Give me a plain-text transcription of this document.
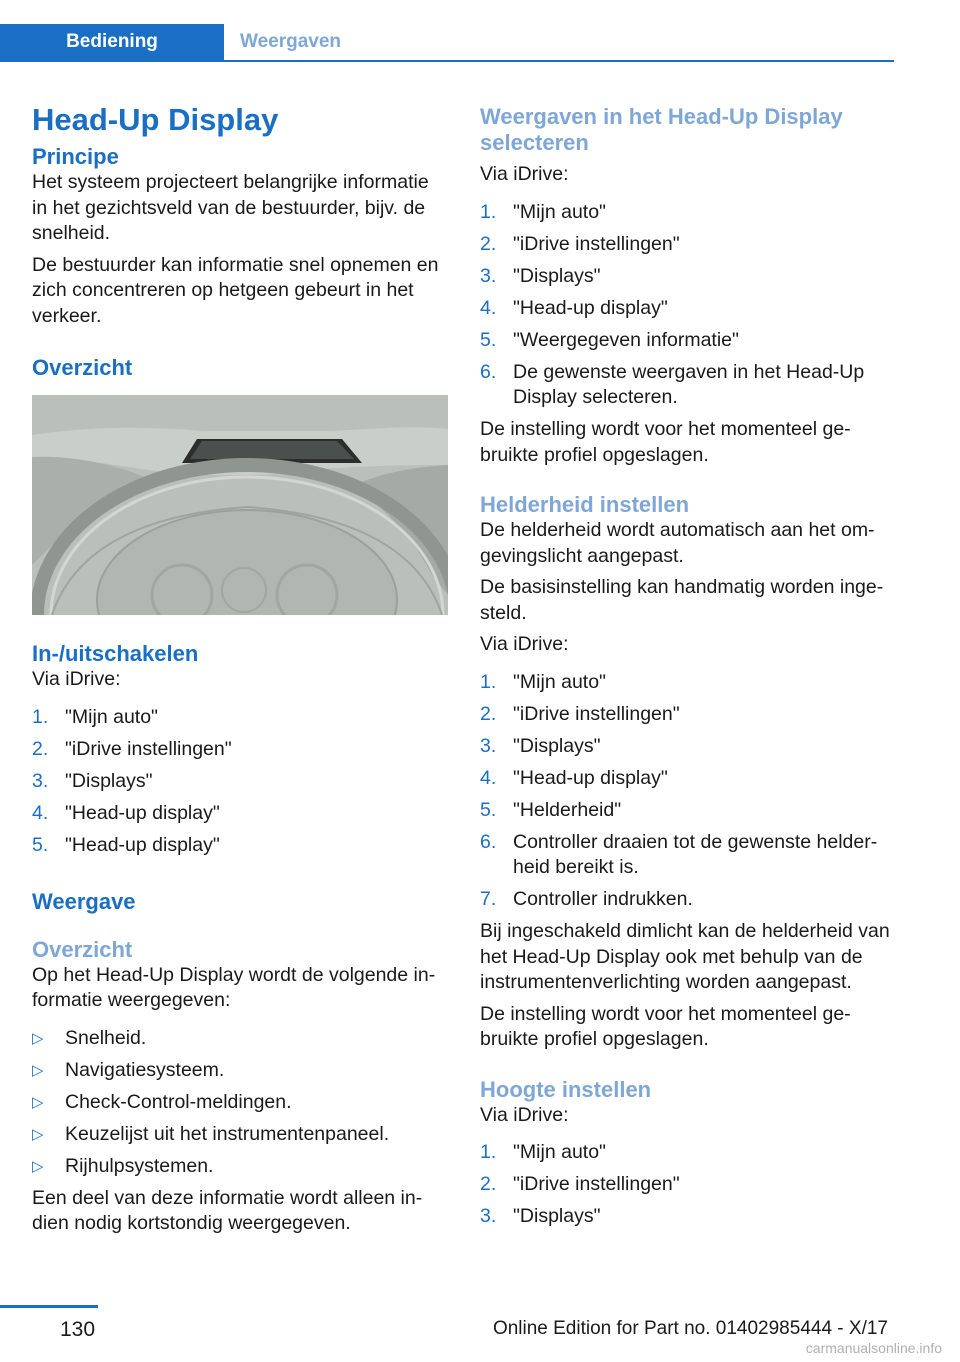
Bediening	Weergaven
Head-Up Display
Principe

Het systeem projecteert belangrijke informatie in het gezichtsveld van de bestuurder, bijv. de snelheid.

De bestuurder kan informatie snel opnemen en zich concentreren op hetgeen gebeurt in het verkeer.

Overzicht
In-/uitschakelen

Via iDrive:

1. "Mijn auto"
2. "iDrive instellingen"
3. "Displays"
4. "Head-up display"
5. "Head-up display"
Weergave
Overzicht

Op het Head-Up Display wordt de volgende in-formatie weergegeven:

▷	Snelheid.
▷	Navigatiesysteem.
▷	Check-Control-meldingen.
▷	Keuzelijst uit het instrumentenpaneel.
▷	Rijhulpsystemen.

Een deel van deze informatie wordt alleen in-dien nodig kortstondig weergegeven.

Weergaven in het Head-Up Display selecteren

Via iDrive:

1. "Mijn auto"
2. "iDrive instellingen"
3. "Displays"
4. "Head-up display"
5. "Weergegeven informatie"
6. De gewenste weergaven in het Head-Up Display selecteren.

De instelling wordt voor het momenteel ge-bruikte profiel opgeslagen.

Helderheid instellen

De helderheid wordt automatisch aan het om-gevingslicht aangepast.

De basisinstelling kan handmatig worden inge-steld.

Via iDrive:

1. "Mijn auto"
2. "iDrive instellingen"
3. "Displays"
4. "Head-up display"
5. "Helderheid"
6. Controller draaien tot de gewenste helder-heid bereikt is.
7. Controller indrukken.

Bij ingeschakeld dimlicht kan de helderheid van het Head-Up Display ook met behulp van de instrumentenverlichting worden aangepast.

De instelling wordt voor het momenteel ge-bruikte profiel opgeslagen.

Hoogte instellen

Via iDrive:

1. "Mijn auto"
2. "iDrive instellingen"
3. "Displays"
130	Online Edition for Part no. 01402985444 - X/17
carmanualsonline.info
